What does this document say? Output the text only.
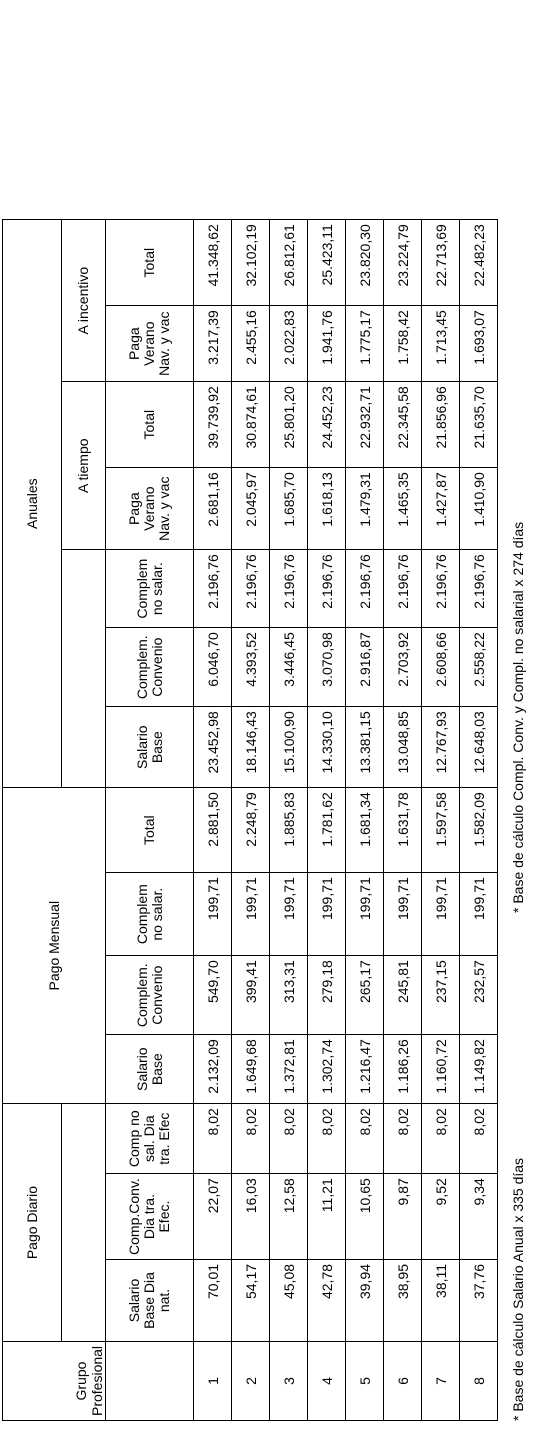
Grupo Profesional	Pago Diario			Pago Mensual				Anuales						
											A tiempo		A incentivo	
	Salario Base Dia nat.	Comp.Conv. Dia tra. Efec.	Comp no sal. Dia tra. Efec	Salario Base	Complem. Convenio	Complem no salar.	Total	Salario Base	Complem. Convenio	Complem no salar.	Paga Verano Nav. y vac	Total	Paga Verano Nav. y vac	Total
1	70,01	22,07	8,02	2.132,09	549,70	199,71	2.881,50	23.452,98	6.046,70	2.196,76	2.681,16	39.739,92	3.217,39	41.348,62
2	54,17	16,03	8,02	1.649,68	399,41	199,71	2.248,79	18.146,43	4.393,52	2.196,76	2.045,97	30.874,61	2.455,16	32.102,19
3	45,08	12,58	8,02	1.372,81	313,31	199,71	1.885,83	15.100,90	3.446,45	2.196,76	1.685,70	25.801,20	2.022,83	26.812,61
4	42,78	11,21	8,02	1.302,74	279,18	199,71	1.781,62	14.330,10	3.070,98	2.196,76	1.618,13	24.452,23	1.941,76	25.423,11
5	39,94	10,65	8,02	1.216,47	265,17	199,71	1.681,34	13.381,15	2.916,87	2.196,76	1.479,31	22.932,71	1.775,17	23.820,30
6	38,95	9,87	8,02	1.186,26	245,81	199,71	1.631,78	13.048,85	2.703,92	2.196,76	1.465,35	22.345,58	1.758,42	23.224,79
7	38,11	9,52	8,02	1.160,72	237,15	199,71	1.597,58	12.767,93	2.608,66	2.196,76	1.427,87	21.856,96	1.713,45	22.713,69
8	37,76	9,34	8,02	1.149,82	232,57	199,71	1.582,09	12.648,03	2.558,22	2.196,76	1.410,90	21.635,70	1.693,07	22.482,23
* Base de cálculo Salario Anual x 335 días
* Base de cálculo Compl. Conv. y Compl. no salarial x 274 días
